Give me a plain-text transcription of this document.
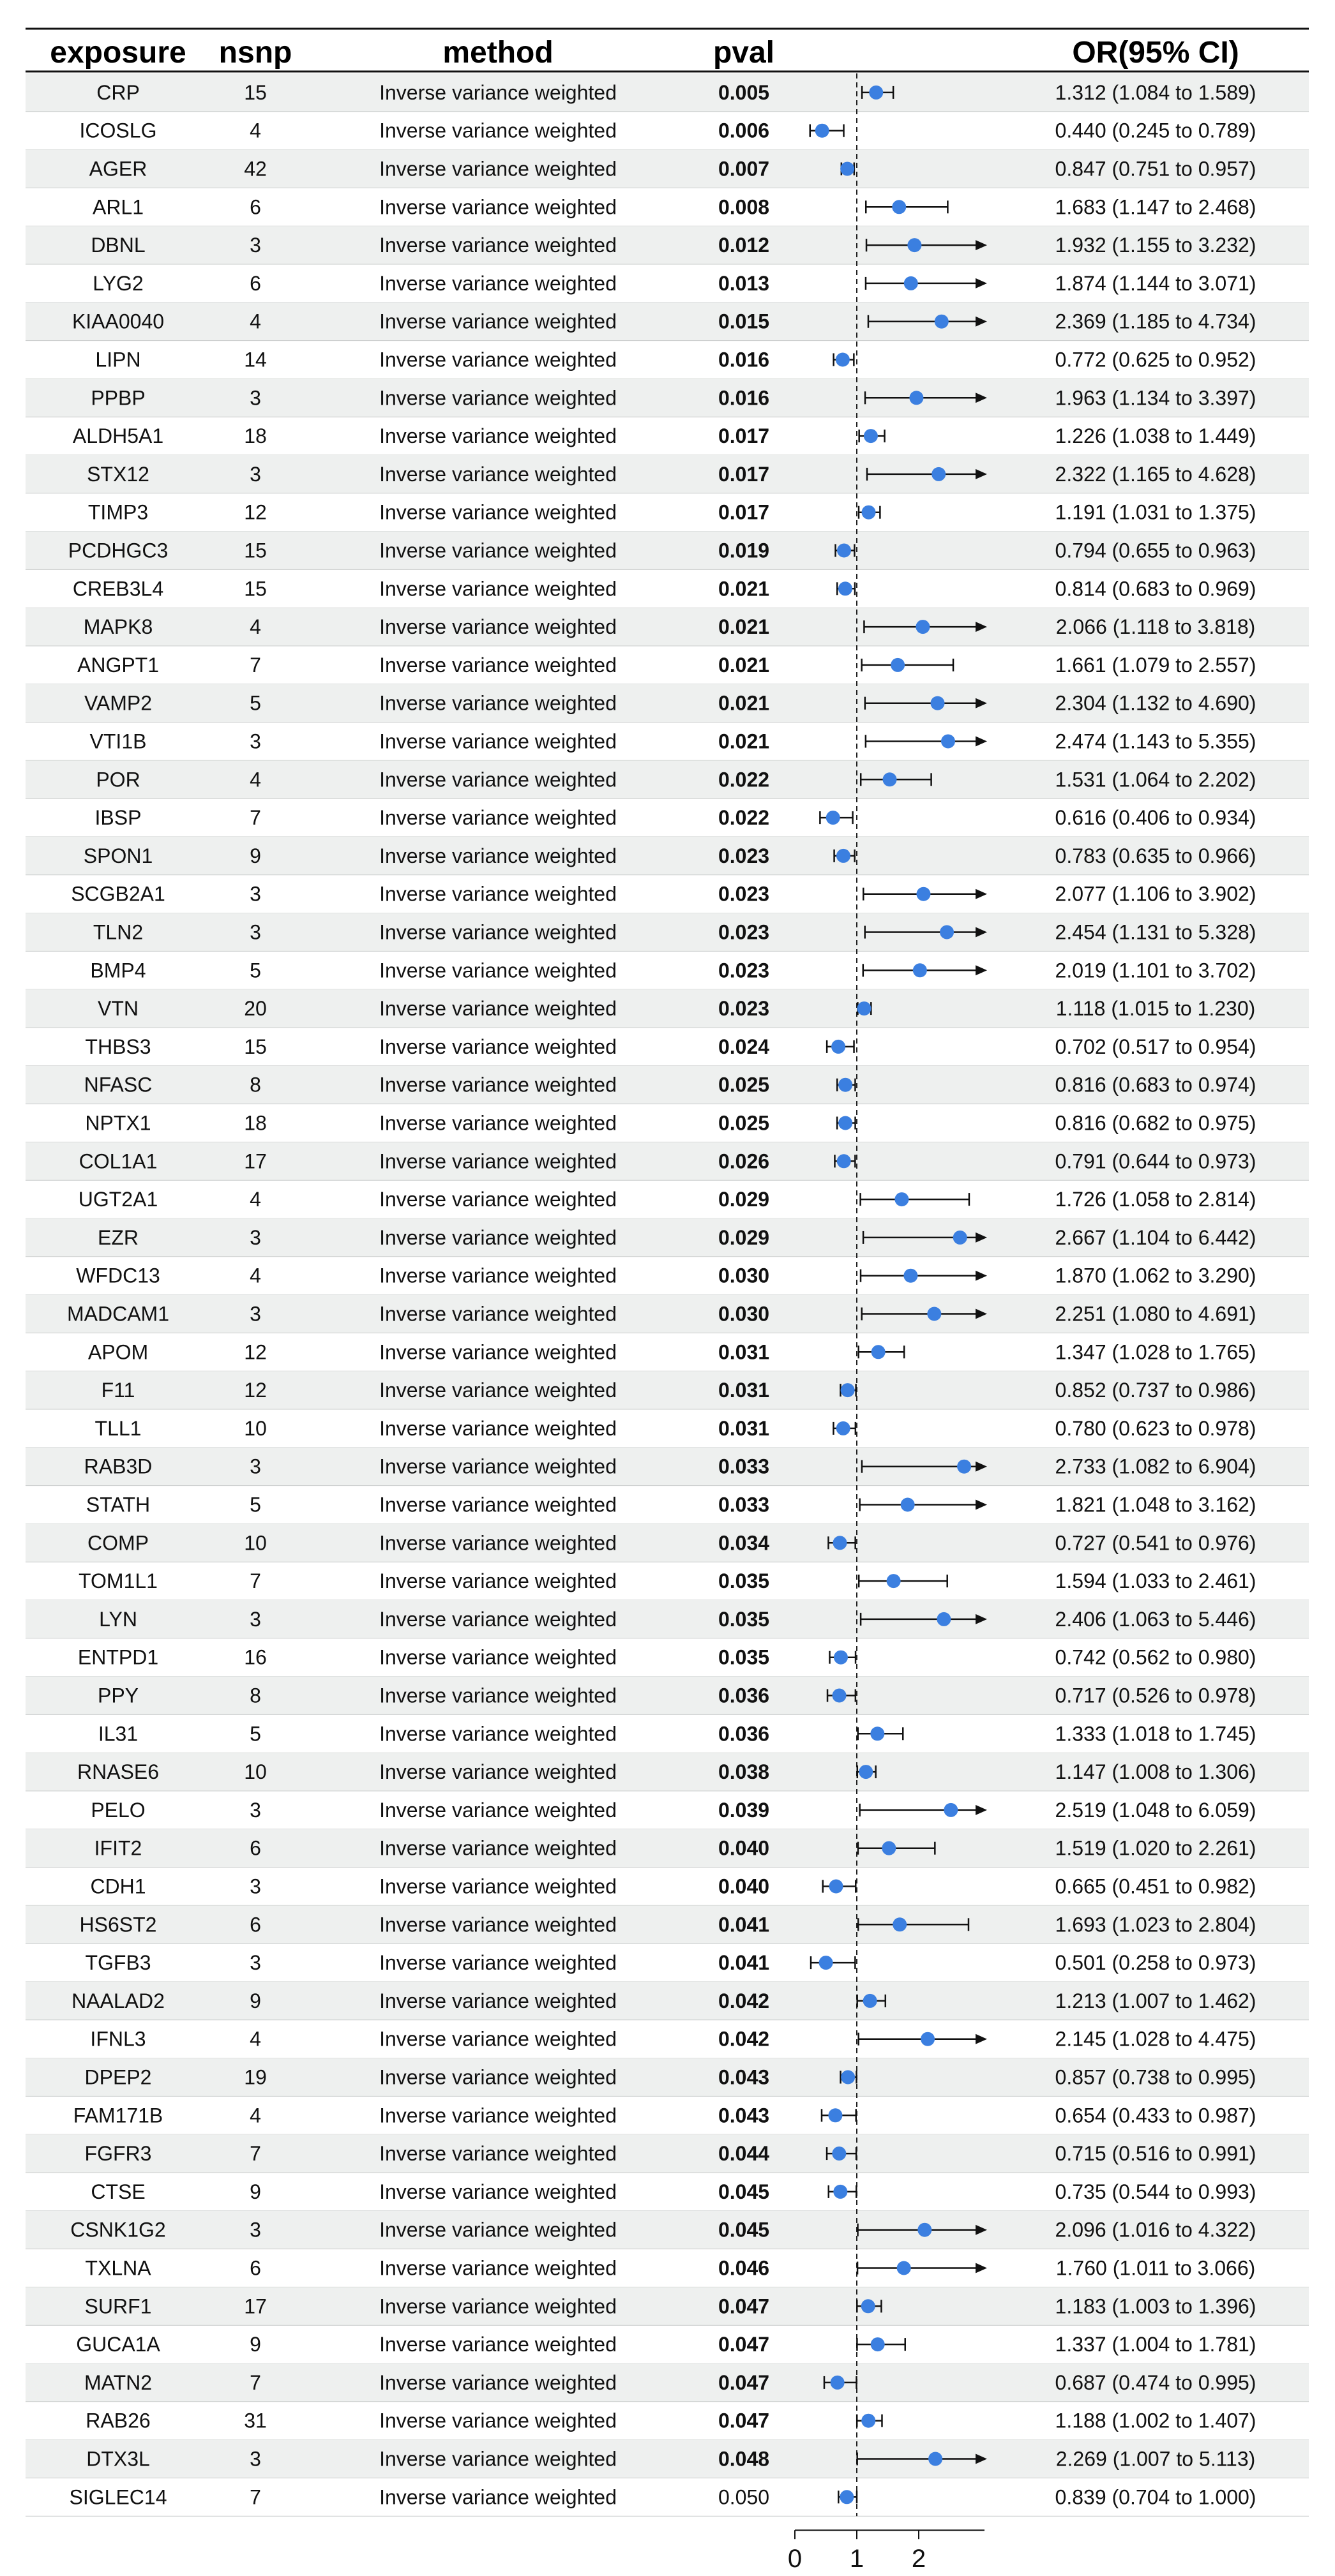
exposure nsnp	method	pval	OR(95% CI)
CRP	15	Inverse variance weighted	0.005	1.312 (1.084 to 1.589)
ICOSLG	4	Inverse variance weighted	0.006	0.440 (0.245 to 0.789)
AGER	42	Inverse variance weighted	0.007	0.847 (0.751 to 0.957)
ARL1	6	Inverse variance weighted	0.008	1.683 (1.147 to 2.468)
DBNL	3	Inverse variance weighted	0.012	1.932 (1.155 to 3.232)
LYG2	6	Inverse variance weighted	0.013	1.874 (1.144 to 3.071)
KIAA0040	4	Inverse variance weighted	0.015	2.369 (1.185 to 4.734)
LIPN	14	Inverse variance weighted	0.016	0.772 (0.625 to 0.952)
PPBP	3	Inverse variance weighted	0.016	1.963 (1.134 to 3.397)
ALDH5A1	18	Inverse variance weighted	0.017	1.226 (1.038 to 1.449)
STX12	3	Inverse variance weighted	0.017	2.322 (1.165 to 4.628)
TIMP3	12	Inverse variance weighted	0.017	1.191 (1.031 to 1.375)
PCDHGC3	15	Inverse variance weighted	0.019	0.794 (0.655 to 0.963)
CREB3L4	15	Inverse variance weighted	0.021	0.814 (0.683 to 0.969)
MAPK8	4	Inverse variance weighted	0.021	2.066 (1.118 to 3.818)
ANGPT1	7	Inverse variance weighted	0.021	1.661 (1.079 to 2.557)
VAMP2	5	Inverse variance weighted	0.021	2.304 (1.132 to 4.690)
VTI1B	3	Inverse variance weighted	0.021	2.474 (1.143 to 5.355)
POR	4	Inverse variance weighted	0.022	1.531 (1.064 to 2.202)
IBSP	7	Inverse variance weighted	0.022	0.616 (0.406 to 0.934)
SPON1	9	Inverse variance weighted	0.023	0.783 (0.635 to 0.966)
SCGB2A1	3	Inverse variance weighted	0.023	2.077 (1.106 to 3.902)
TLN2	3	Inverse variance weighted	0.023	2.454 (1.131 to 5.328)
BMP4	5	Inverse variance weighted	0.023	2.019 (1.101 to 3.702)
VTN	20	Inverse variance weighted	0.023	1.118 (1.015 to 1.230)
THBS3	15	Inverse variance weighted	0.024	0.702 (0.517 to 0.954)
NFASC	8	Inverse variance weighted	0.025	0.816 (0.683 to 0.974)
NPTX1	18	Inverse variance weighted	0.025	0.816 (0.682 to 0.975)
COL1A1	17	Inverse variance weighted	0.026	0.791 (0.644 to 0.973)
UGT2A1	4	Inverse variance weighted	0.029	1.726 (1.058 to 2.814)
EZR	3	Inverse variance weighted	0.029	2.667 (1.104 to 6.442)
WFDC13	4	Inverse variance weighted	0.030	1.870 (1.062 to 3.290)
MADCAM1	3	Inverse variance weighted	0.030	2.251 (1.080 to 4.691)
APOM	12	Inverse variance weighted	0.031	1.347 (1.028 to 1.765)
F11	12	Inverse variance weighted	0.031	0.852 (0.737 to 0.986)
TLL1	10	Inverse variance weighted	0.031	0.780 (0.623 to 0.978)
RAB3D	3	Inverse variance weighted	0.033	2.733 (1.082 to 6.904)
STATH	5	Inverse variance weighted	0.033	1.821 (1.048 to 3.162)
COMP	10	Inverse variance weighted	0.034	0.727 (0.541 to 0.976)
TOM1L1	7	Inverse variance weighted	0.035	1.594 (1.033 to 2.461)
LYN	3	Inverse variance weighted	0.035	2.406 (1.063 to 5.446)
ENTPD1	16	Inverse variance weighted	0.035	0.742 (0.562 to 0.980)
PPY	8	Inverse variance weighted	0.036	0.717 (0.526 to 0.978)
IL31	5	Inverse variance weighted	0.036	1.333 (1.018 to 1.745)
RNASE6	10	Inverse variance weighted	0.038	1.147 (1.008 to 1.306)
PELO	3	Inverse variance weighted	0.039	2.519 (1.048 to 6.059)
IFIT2	6	Inverse variance weighted	0.040	1.519 (1.020 to 2.261)
CDH1	3	Inverse variance weighted	0.040	0.665 (0.451 to 0.982)
HS6ST2	6	Inverse variance weighted	0.041	1.693 (1.023 to 2.804)
TGFB3	3	Inverse variance weighted	0.041	0.501 (0.258 to 0.973)
NAALAD2	9	Inverse variance weighted	0.042	1.213 (1.007 to 1.462)
IFNL3	4	Inverse variance weighted	0.042	2.145 (1.028 to 4.475)
DPEP2	19	Inverse variance weighted	0.043	0.857 (0.738 to 0.995)
FAM171B	4	Inverse variance weighted	0.043	0.654 (0.433 to 0.987)
FGFR3	7	Inverse variance weighted	0.044	0.715 (0.516 to 0.991)
CTSE	9	Inverse variance weighted	0.045	0.735 (0.544 to 0.993)
CSNK1G2	3	Inverse variance weighted	0.045	2.096 (1.016 to 4.322)
TXLNA	6	Inverse variance weighted	0.046	1.760 (1.011 to 3.066)
SURF1	17	Inverse variance weighted	0.047	1.183 (1.003 to 1.396)
GUCA1A	9	Inverse variance weighted	0.047	1.337 (1.004 to 1.781)
MATN2	7	Inverse variance weighted	0.047	0.687 (0.474 to 0.995)
RAB26	31	Inverse variance weighted	0.047	1.188 (1.002 to 1.407)
DTX3L	3	Inverse variance weighted	0.048	2.269 (1.007 to 5.113)
SIGLEC14	7	Inverse variance weighted	0.050	0.839 (0.704 to 1.000)
0 1 2
